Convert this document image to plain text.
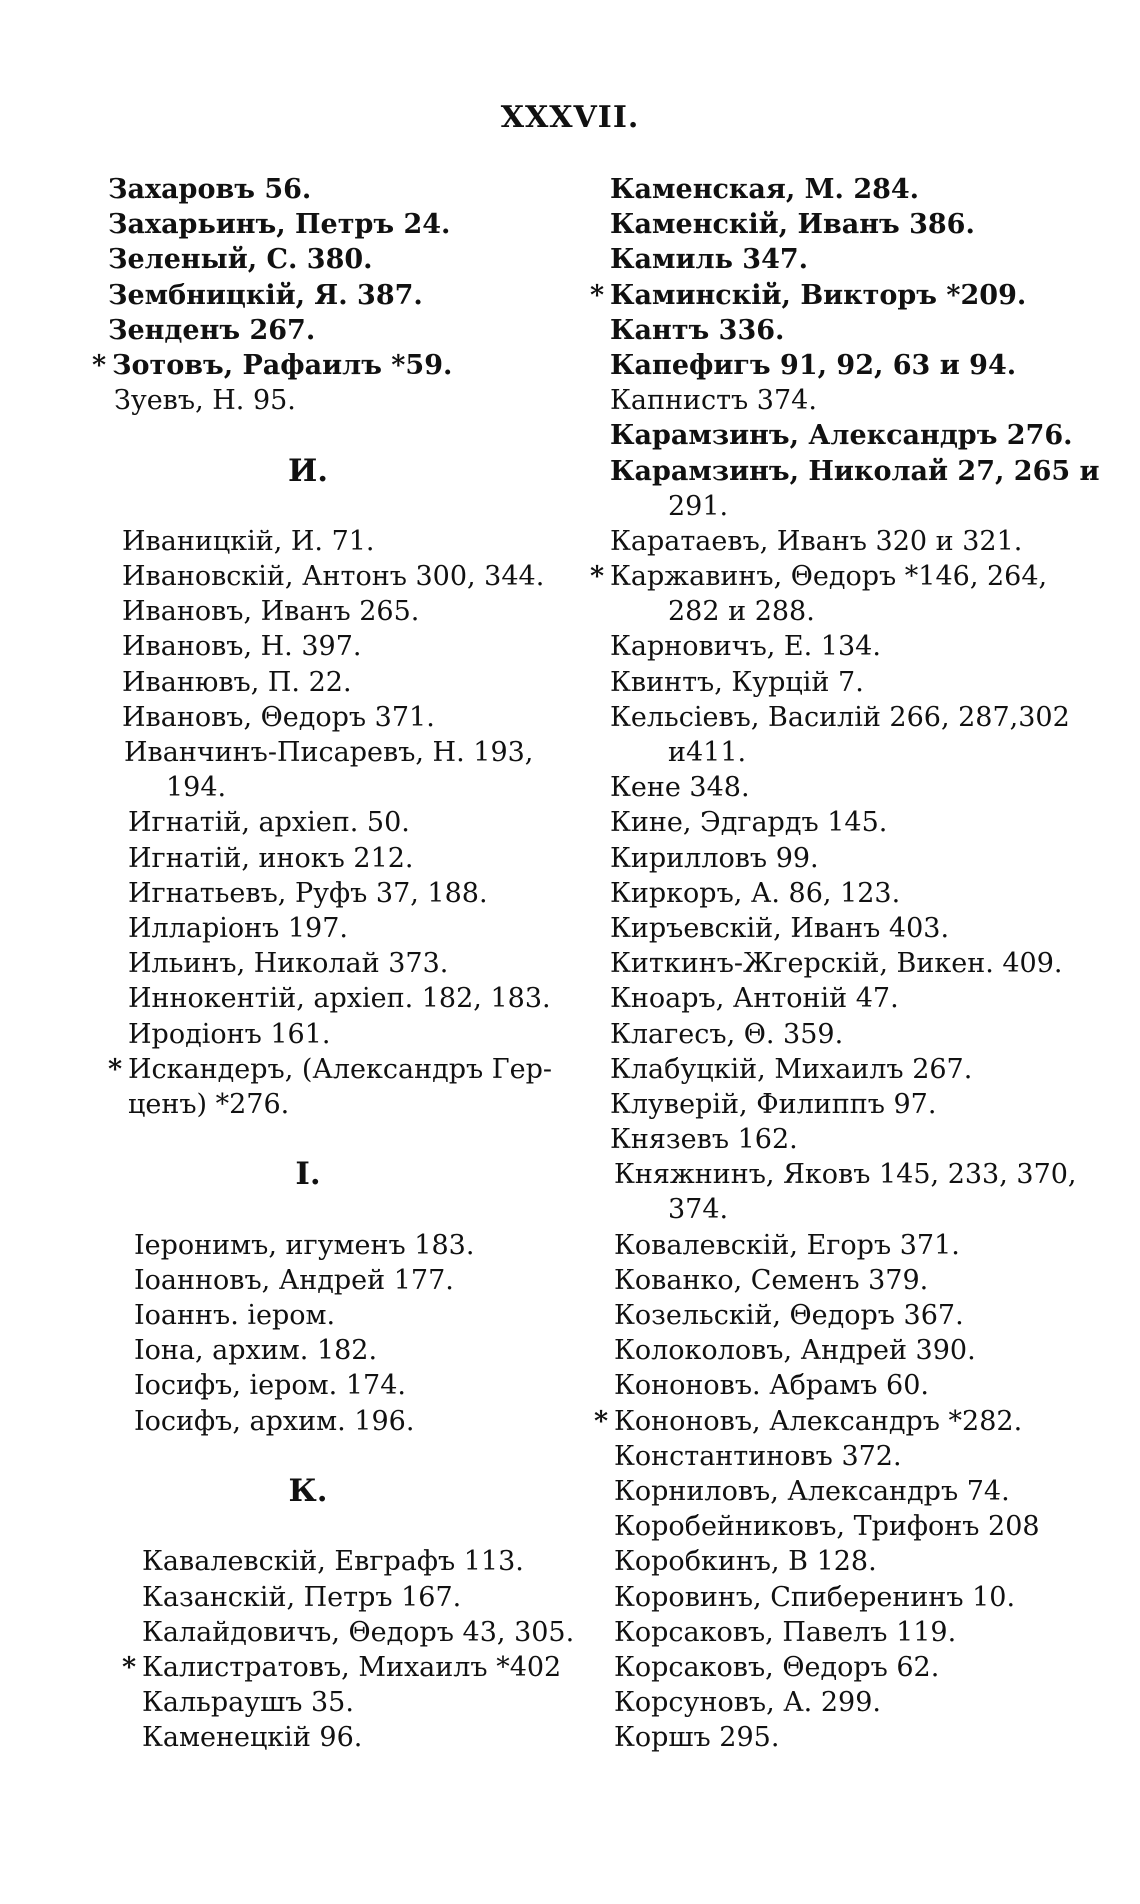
XXXVII.
Захаровъ 56.
Захарьинъ, Петръ 24.
Зеленый, С. 380.
Зембницкій, Я. 387.
Зенденъ 267.
* Зотовъ, Рафаилъ *59.
Зуевъ, Н. 95.
И.
Иваницкій, И. 71.
Ивановскій, Антонъ 300, 344.
Ивановъ, Иванъ 265.
Ивановъ, Н. 397.
Иванювъ, П. 22.
Ивановъ, Θедоръ 371.
Иванчинъ-Писаревъ, Н. 193,
194.
Игнатій, архіеп. 50.
Игнатій, инокъ 212.
Игнатьевъ, Руфъ 37, 188.
Илларіонъ 197.
Ильинъ, Николай 373.
Иннокентій, архіеп. 182, 183.
Иродіонъ 161.
* Искандеръ, (Александръ Гер-
ценъ) *276.
I.
Іеронимъ, игуменъ 183.
Іоанновъ, Андрей 177.
Іоаннъ. іером.
Іона, архим. 182.
Іосифъ, іером. 174.
Іосифъ, архим. 196.
К.
Кавалевскій, Евграфъ 113.
Казанскій, Петръ 167.
Калайдовичъ, Θедоръ 43, 305.
* Калистратовъ, Михаилъ *402
Кальраушъ 35.
Каменецкій 96.
Каменская, М. 284.
Каменскій, Иванъ 386.
Камиль 347.
* Каминскій, Викторъ *209.
Кантъ 336.
Капефигъ 91, 92, 63 и 94.
Капнистъ 374.
Карамзинъ, Александръ 276.
Карамзинъ, Николай 27, 265 и
291.
Каратаевъ, Иванъ 320 и 321.
* Каржавинъ, Θедоръ *146, 264,
282 и 288.
Карновичъ, Е. 134.
Квинтъ, Курцій 7.
Кельсіевъ, Василій 266, 287,302
и411.
Кене 348.
Кине, Эдгардъ 145.
Кирилловъ 99.
Киркоръ, А. 86, 123.
Киръевскій, Иванъ 403.
Киткинъ-Жгерскій, Викен. 409.
Кноаръ, Антоній 47.
Клагесъ, Θ. 359.
Клабуцкій, Михаилъ 267.
Клуверій, Филиппъ 97.
Князевъ 162.
Княжнинъ, Яковъ 145, 233, 370,
374.
Ковалевскій, Егоръ 371.
Кованко, Семенъ 379.
Козельскій, Θедоръ 367.
Колоколовъ, Андрей 390.
Кононовъ. Абрамъ 60.
* Кононовъ, Александръ *282.
Константиновъ 372.
Корниловъ, Александръ 74.
Коробейниковъ, Трифонъ 208
Коробкинъ, В 128.
Коровинъ, Спиберенинъ 10.
Корсаковъ, Павелъ 119.
Корсаковъ, Θедоръ 62.
Корсуновъ, А. 299.
Коршъ 295.
